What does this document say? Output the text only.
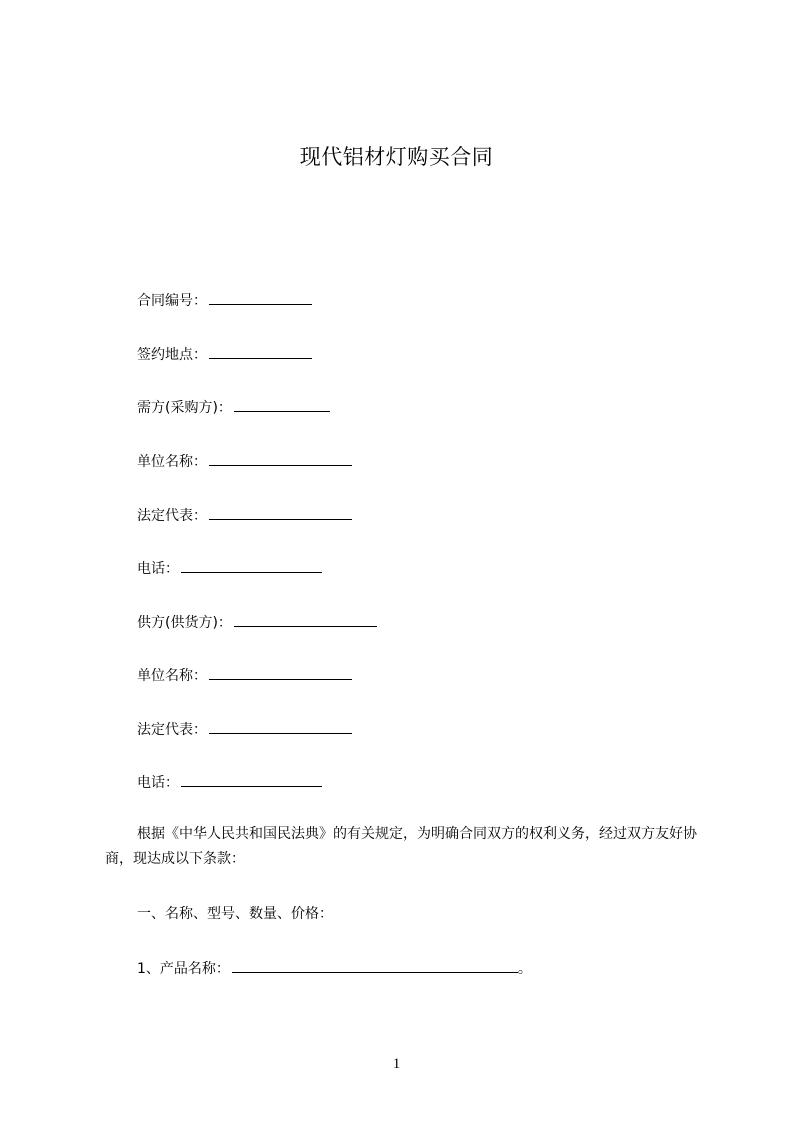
现代铝材灯购买合同
合同编号：
签约地点：
需方(采购方)：
单位名称：
法定代表：
电话：
供方(供货方)：
单位名称：
法定代表：
电话：
根据《中华人民共和国民法典》的有关规定，为明确合同双方的权利义务，经过双方友好协商，现达成以下条款：
一、名称、型号、数量、价格：
1、产品名称：	。
1
